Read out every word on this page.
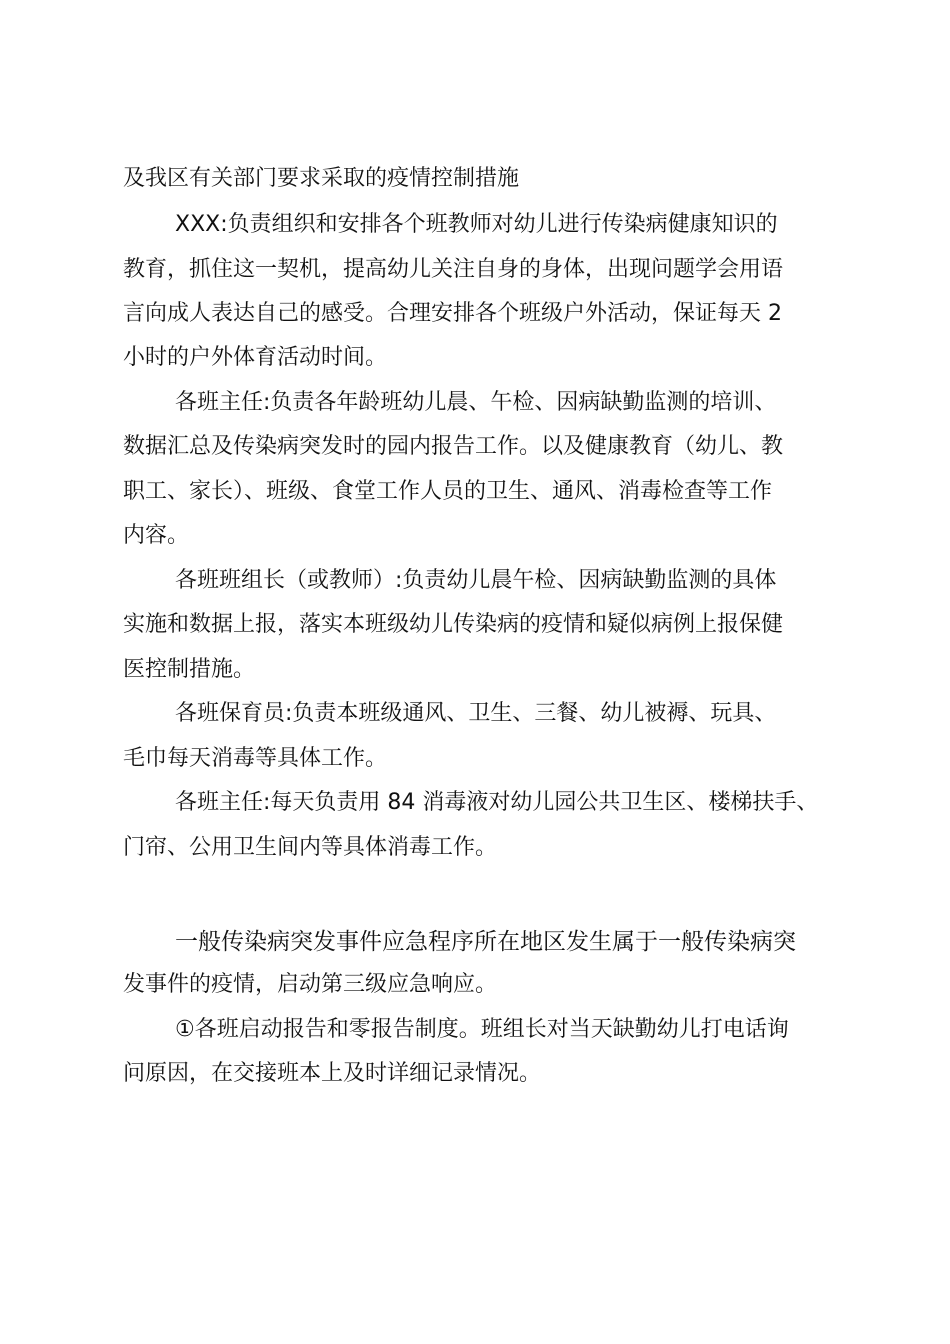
及我区有关部门要求采取的疫情控制措施
XXX:负责组织和安排各个班教师对幼儿进行传染病健康知识的
教育，抓住这一契机，提高幼儿关注自身的身体，出现问题学会用语
言向成人表达自己的感受。合理安排各个班级户外活动，保证每天 2
小时的户外体育活动时间。
各班主任:负责各年龄班幼儿晨、午检、因病缺勤监测的培训、
数据汇总及传染病突发时的园内报告工作。以及健康教育（幼儿、教
职工、家长）、班级、食堂工作人员的卫生、通风、消毒检查等工作
内容。
各班班组长（或教师）:负责幼儿晨午检、因病缺勤监测的具体
实施和数据上报，落实本班级幼儿传染病的疫情和疑似病例上报保健
医控制措施。
各班保育员:负责本班级通风、卫生、三餐、幼儿被褥、玩具、
毛巾每天消毒等具体工作。
各班主任:每天负责用 84 消毒液对幼儿园公共卫生区、楼梯扶手、
门帘、公用卫生间内等具体消毒工作。
一般传染病突发事件应急程序所在地区发生属于一般传染病突
发事件的疫情，启动第三级应急响应。
①各班启动报告和零报告制度。班组长对当天缺勤幼儿打电话询
问原因，在交接班本上及时详细记录情况。
